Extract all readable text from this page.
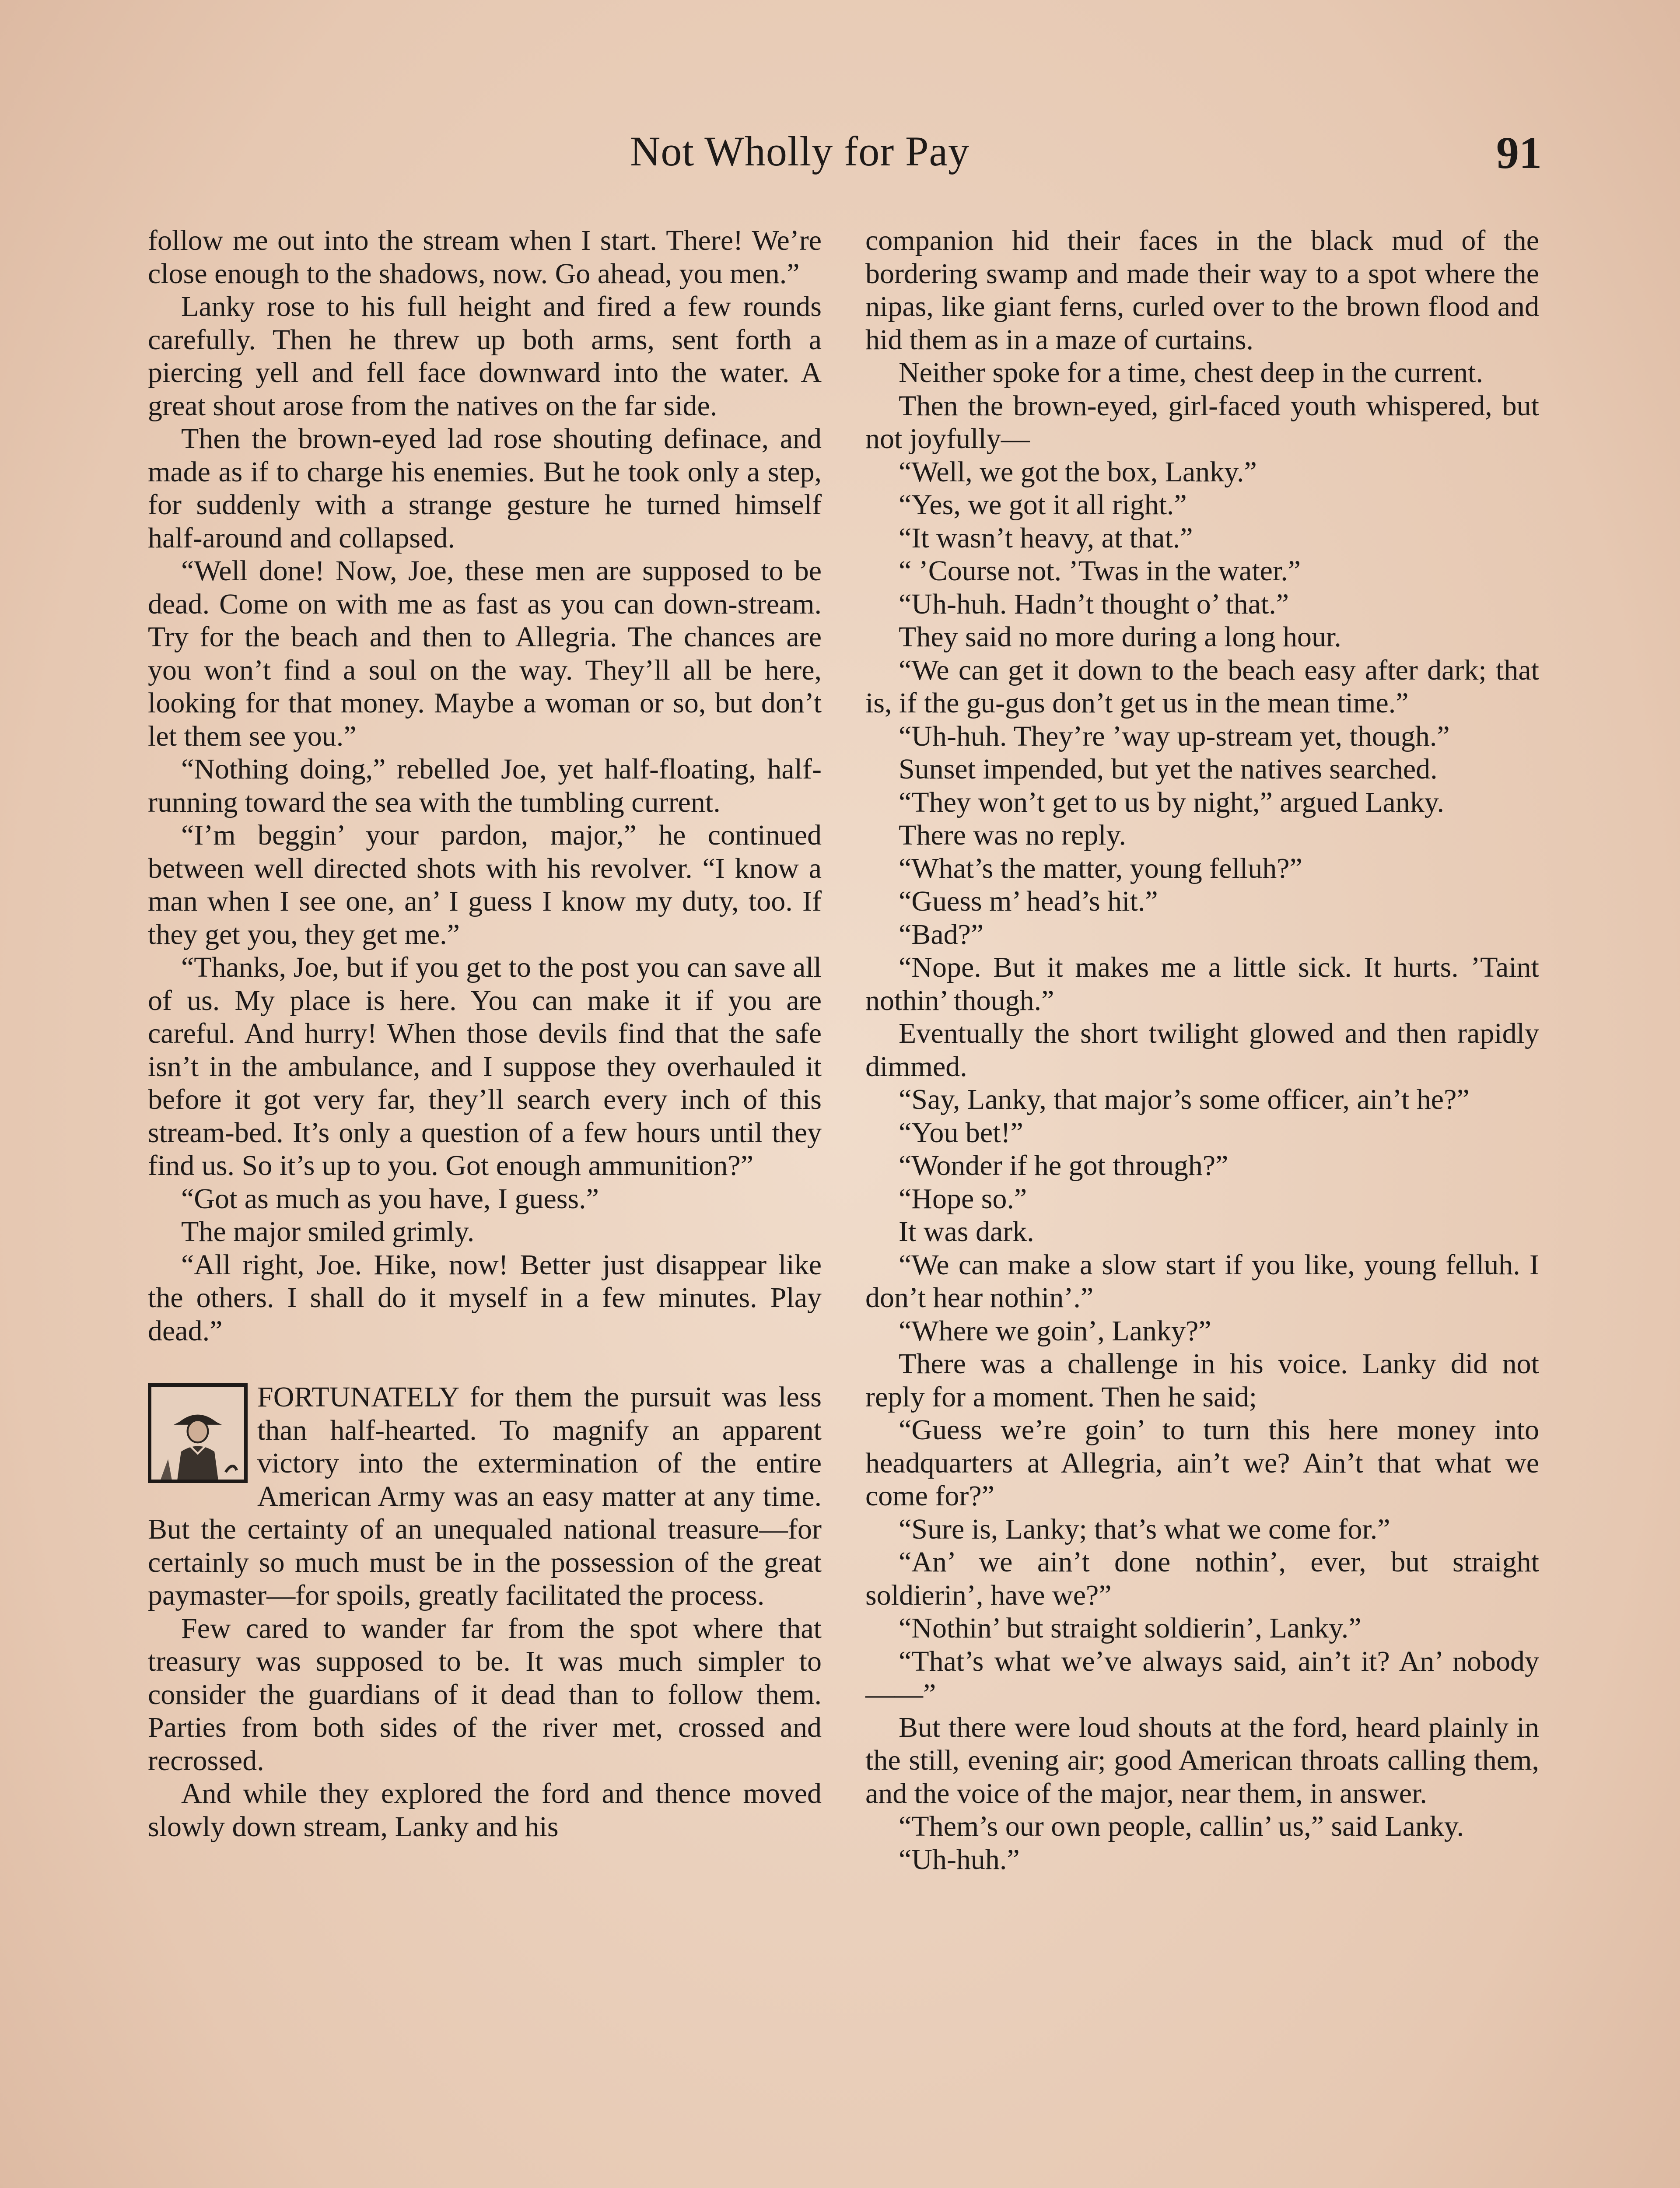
Not Wholly for Pay	91

follow me out into the stream when I start. There! We’re close enough to the shadows, now. Go ahead, you men.”

Lanky rose to his full height and fired a few rounds carefully. Then he threw up both arms, sent forth a piercing yell and fell face downward into the water. A great shout arose from the natives on the far side.

Then the brown-eyed lad rose shouting definace, and made as if to charge his enemies. But he took only a step, for suddenly with a strange gesture he turned himself half-around and collapsed.

“Well done! Now, Joe, these men are supposed to be dead. Come on with me as fast as you can down-stream. Try for the beach and then to Allegria. The chances are you won’t find a soul on the way. They’ll all be here, looking for that money. Maybe a woman or so, but don’t let them see you.”

“Nothing doing,” rebelled Joe, yet half-floating, half-running toward the sea with the tumbling current.

“I’m beggin’ your pardon, major,” he continued between well directed shots with his revolver. “I know a man when I see one, an’ I guess I know my duty, too. If they get you, they get me.”

“Thanks, Joe, but if you get to the post you can save all of us. My place is here. You can make it if you are careful. And hurry! When those devils find that the safe isn’t in the ambulance, and I suppose they overhauled it before it got very far, they’ll search every inch of this stream-bed. It’s only a question of a few hours until they find us. So it’s up to you. Got enough ammunition?”

“Got as much as you have, I guess.”

The major smiled grimly.

“All right, Joe. Hike, now! Better just disappear like the others. I shall do it myself in a few minutes. Play dead.”

FORTUNATELY for them the pursuit was less than half-hearted. To magnify an apparent victory into the extermination of the entire American Army was an easy matter at any time. But the certainty of an unequaled national treasure—for certainly so much must be in the possession of the great paymaster—for spoils, greatly facilitated the process.

Few cared to wander far from the spot where that treasury was supposed to be. It was much simpler to consider the guardians of it dead than to follow them. Parties from both sides of the river met, crossed and recrossed.

And while they explored the ford and thence moved slowly down stream, Lanky and his

companion hid their faces in the black mud of the bordering swamp and made their way to a spot where the nipas, like giant ferns, curled over to the brown flood and hid them as in a maze of curtains.

Neither spoke for a time, chest deep in the current.

Then the brown-eyed, girl-faced youth whispered, but not joyfully—

“Well, we got the box, Lanky.”

“Yes, we got it all right.”

“It wasn’t heavy, at that.”

“ ’Course not. ’Twas in the water.”

“Uh-huh. Hadn’t thought o’ that.”

They said no more during a long hour.

“We can get it down to the beach easy after dark; that is, if the gu-gus don’t get us in the mean time.”

“Uh-huh. They’re ’way up-stream yet, though.”

Sunset impended, but yet the natives searched.

“They won’t get to us by night,” argued Lanky.

There was no reply.

“What’s the matter, young felluh?”

“Guess m’ head’s hit.”

“Bad?”

“Nope. But it makes me a little sick. It hurts. ’Taint nothin’ though.”

Eventually the short twilight glowed and then rapidly dimmed.

“Say, Lanky, that major’s some officer, ain’t he?”

“You bet!”

“Wonder if he got through?”

“Hope so.”

It was dark.

“We can make a slow start if you like, young felluh. I don’t hear nothin’.”

“Where we goin’, Lanky?”

There was a challenge in his voice. Lanky did not reply for a moment. Then he said;

“Guess we’re goin’ to turn this here money into headquarters at Allegria, ain’t we? Ain’t that what we come for?”

“Sure is, Lanky; that’s what we come for.”

“An’ we ain’t done nothin’, ever, but straight soldierin’, have we?”

“Nothin’ but straight soldierin’, Lanky.”

“That’s what we’ve always said, ain’t it? An’ nobody——”

But there were loud shouts at the ford, heard plainly in the still, evening air; good American throats calling them, and the voice of the major, near them, in answer.

“Them’s our own people, callin’ us,” said Lanky.

“Uh-huh.”
